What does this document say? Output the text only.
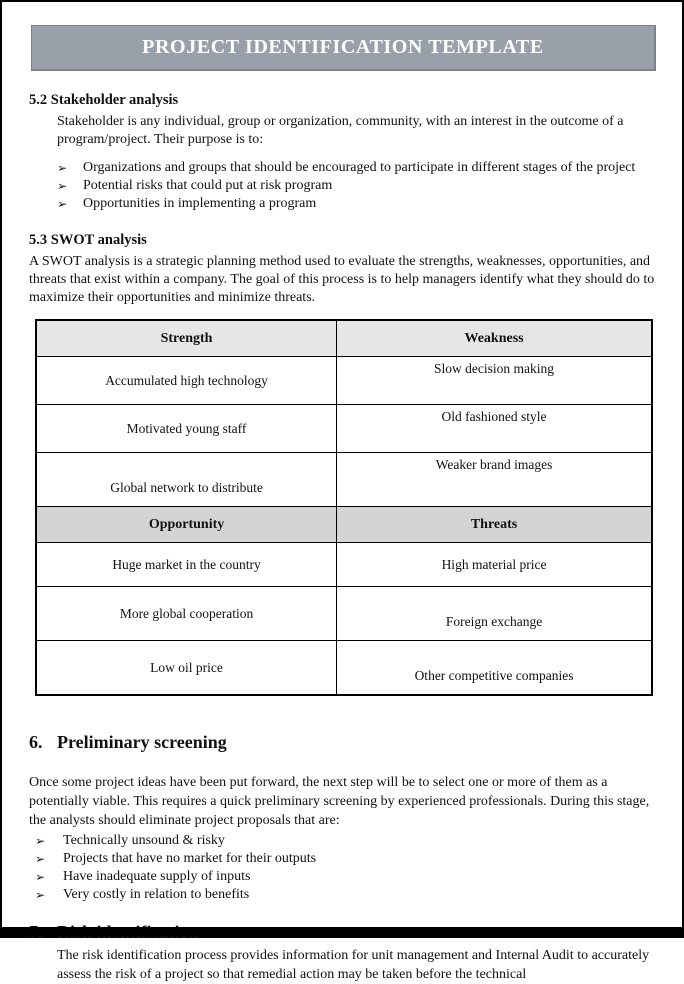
PROJECT IDENTIFICATION TEMPLATE
5.2 Stakeholder analysis
Stakeholder is any individual, group or organization, community, with an interest in the outcome of a program/project. Their purpose is to:
➢ Organizations and groups that should be encouraged to participate in different stages of the project
➢ Potential risks that could put at risk program
➢ Opportunities in implementing a program
5.3 SWOT analysis
A SWOT analysis is a strategic planning method used to evaluate the strengths, weaknesses, opportunities, and threats that exist within a company. The goal of this process is to help managers identify what they should do to maximize their opportunities and minimize threats.
Strength	Weakness
Accumulated high technology	Slow decision making
Motivated young staff	Old fashioned style
Global network to distribute	Weaker brand images
Opportunity	Threats
Huge market in the country	High material price
More global cooperation	Foreign exchange
Low oil price	Other competitive companies
6. Preliminary screening
Once some project ideas have been put forward, the next step will be to select one or more of them as a potentially viable. This requires a quick preliminary screening by experienced professionals. During this stage, the analysts should eliminate project proposals that are:
➢ Technically unsound & risky
➢ Projects that have no market for their outputs
➢ Have inadequate supply of inputs
➢ Very costly in relation to benefits
The risk identification process provides information for unit management and Internal Audit to accurately assess the risk of a project so that remedial action may be taken before the technical
